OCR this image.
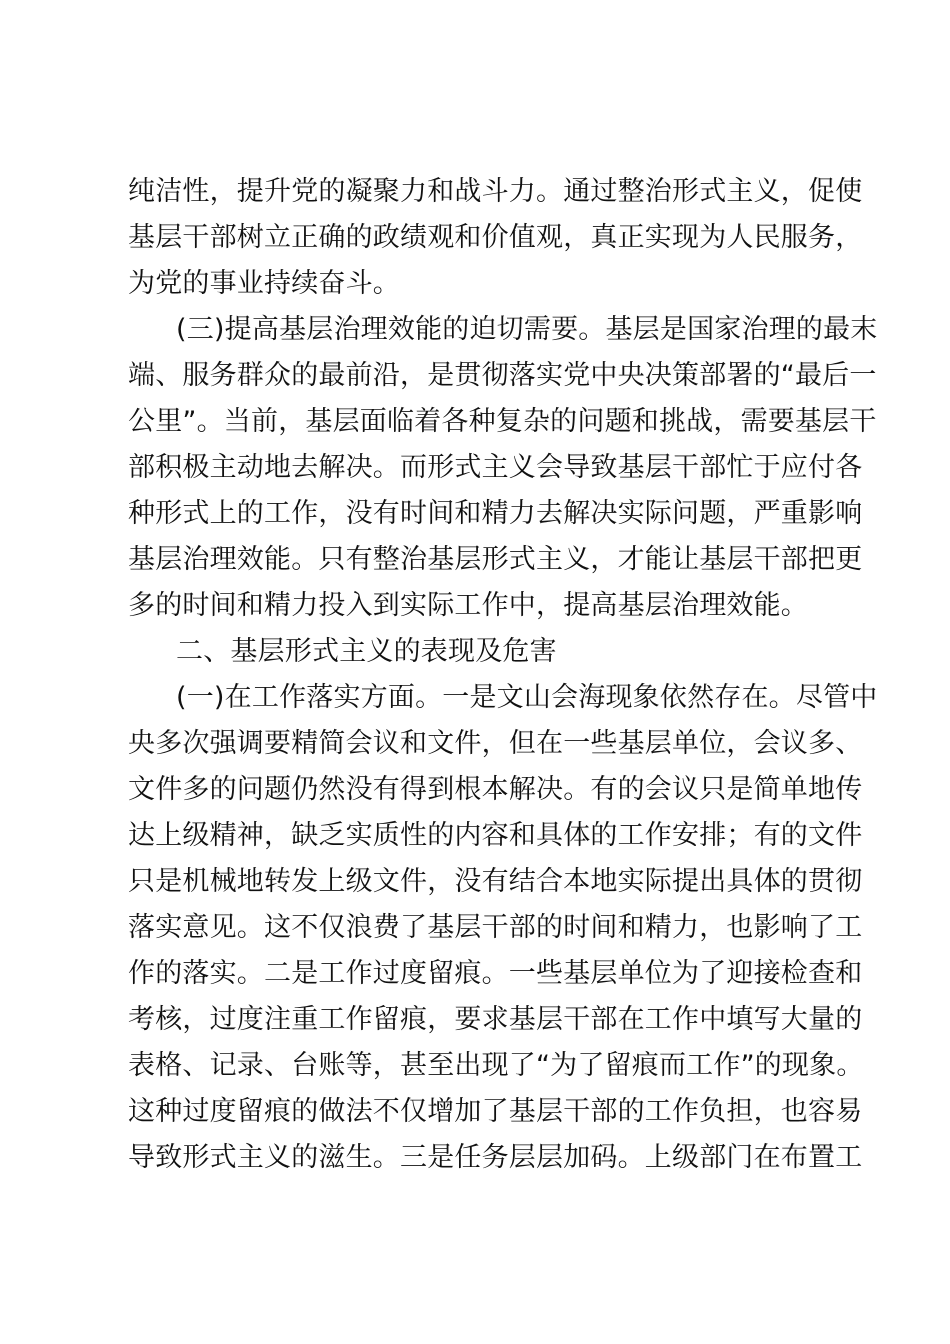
纯洁性，提升党的凝聚力和战斗力。通过整治形式主义，促使
基层干部树立正确的政绩观和价值观，真正实现为人民服务，
为党的事业持续奋斗。
(三)提高基层治理效能的迫切需要。基层是国家治理的最末
端、服务群众的最前沿，是贯彻落实党中央决策部署的“最后一
公里”。当前，基层面临着各种复杂的问题和挑战，需要基层干
部积极主动地去解决。而形式主义会导致基层干部忙于应付各
种形式上的工作，没有时间和精力去解决实际问题，严重影响
基层治理效能。只有整治基层形式主义，才能让基层干部把更
多的时间和精力投入到实际工作中，提高基层治理效能。
二、基层形式主义的表现及危害
(一)在工作落实方面。一是文山会海现象依然存在。尽管中
央多次强调要精简会议和文件，但在一些基层单位，会议多、
文件多的问题仍然没有得到根本解决。有的会议只是简单地传
达上级精神，缺乏实质性的内容和具体的工作安排；有的文件
只是机械地转发上级文件，没有结合本地实际提出具体的贯彻
落实意见。这不仅浪费了基层干部的时间和精力，也影响了工
作的落实。二是工作过度留痕。一些基层单位为了迎接检查和
考核，过度注重工作留痕，要求基层干部在工作中填写大量的
表格、记录、台账等，甚至出现了“为了留痕而工作”的现象。
这种过度留痕的做法不仅增加了基层干部的工作负担，也容易
导致形式主义的滋生。三是任务层层加码。上级部门在布置工
